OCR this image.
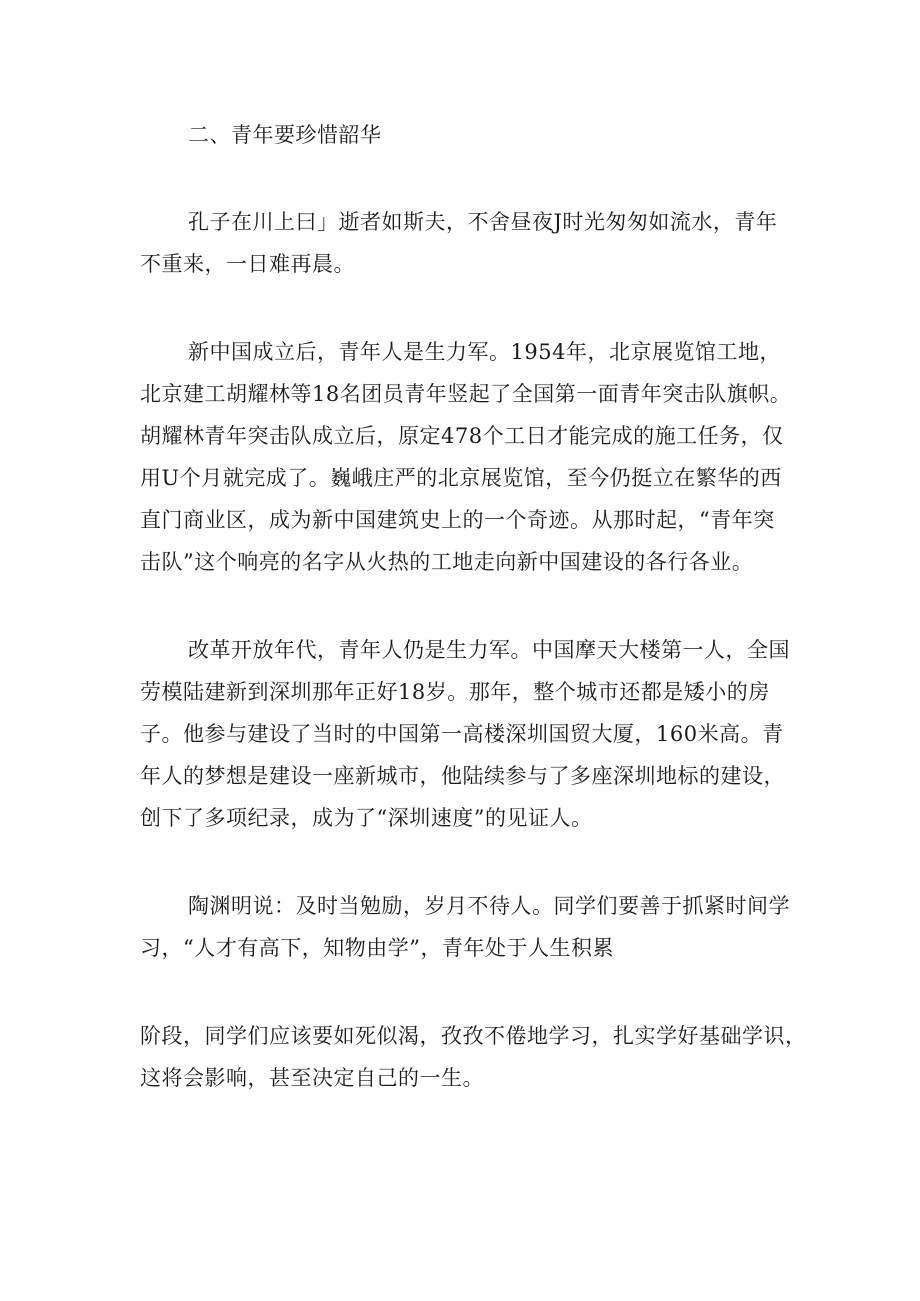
二、青年要珍惜韶华
孔子在川上曰」逝者如斯夫，不舍昼夜J时光匆匆如流水，青年
不重来，一日难再晨。
新中国成立后，青年人是生力军。1954年，北京展览馆工地，
北京建工胡耀林等18名团员青年竖起了全国第一面青年突击队旗帜。
胡耀林青年突击队成立后，原定478个工日才能完成的施工任务，仅
用U个月就完成了。巍峨庄严的北京展览馆，至今仍挺立在繁华的西
直门商业区，成为新中国建筑史上的一个奇迹。从那时起，“青年突
击队”这个响亮的名字从火热的工地走向新中国建设的各行各业。
改革开放年代，青年人仍是生力军。中国摩天大楼第一人，全国
劳模陆建新到深圳那年正好18岁。那年，整个城市还都是矮小的房
子。他参与建设了当时的中国第一高楼深圳国贸大厦，160米高。青
年人的梦想是建设一座新城市，他陆续参与了多座深圳地标的建设，
创下了多项纪录，成为了“深圳速度”的见证人。
陶渊明说：及时当勉励，岁月不待人。同学们要善于抓紧时间学
习，“人才有高下，知物由学”，青年处于人生积累
阶段，同学们应该要如死似渴，孜孜不倦地学习，扎实学好基础学识，
这将会影响，甚至决定自己的一生。
